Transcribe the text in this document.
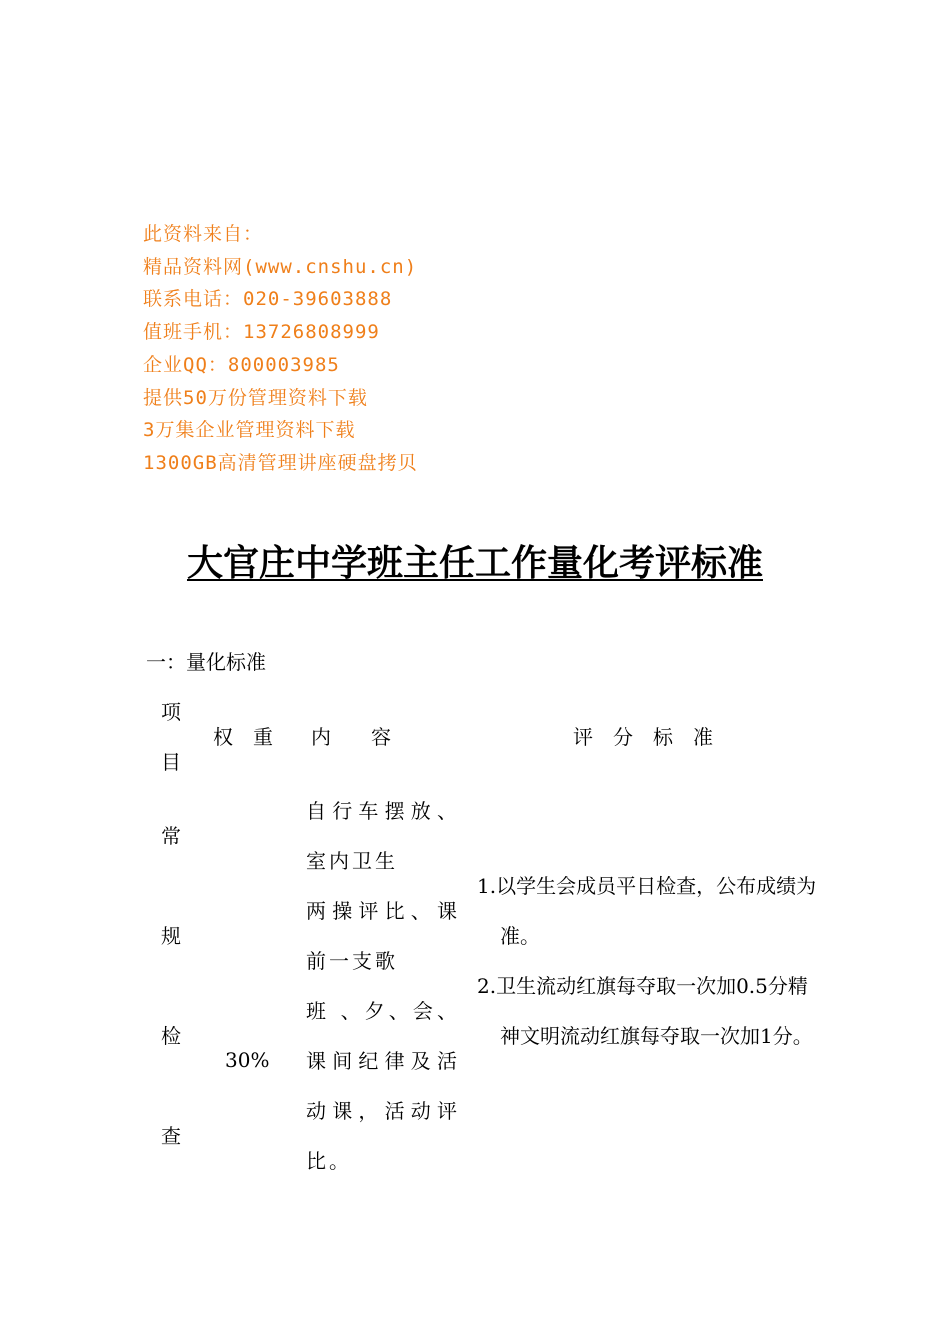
此资料来自：
精品资料网(www.cnshu.cn)
联系电话：020-39603888
值班手机：13726808999
企业QQ：800003985
提供50万份管理资料下载
3万集企业管理资料下载
1300GB高清管理讲座硬盘拷贝
大官庄中学班主任工作量化考评标准
一：量化标准
项
目
权　重 内　　容	评　分　标　准
常
规
检
查
30%

自行车摆放、室内卫生

两操评比、课前一支歌

班 、夕、会、课间纪律及活动课，活动评比。

1.以学生会成员平日检查，公布成绩为准。

2.卫生流动红旗每夺取一次加0.5分精神文明流动红旗每夺取一次加1分。
